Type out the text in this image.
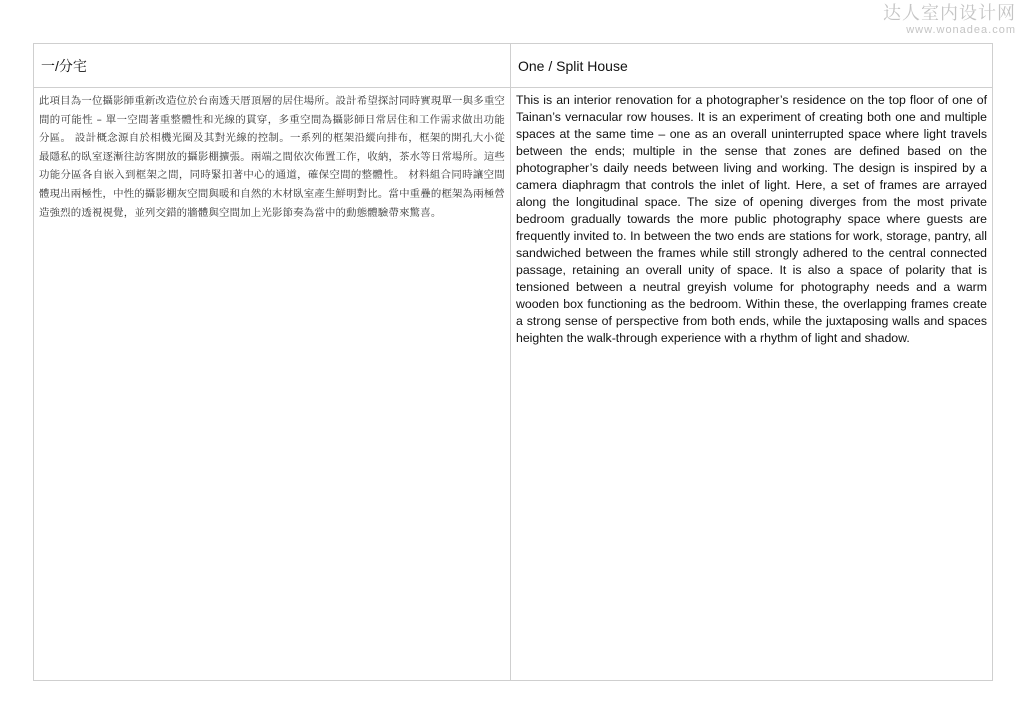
达人室内设计网
www.wonadea.com
一/分宅	One / Split House
此項目為一位攝影師重新改造位於台南透天厝頂層的居住場所。設計希望探討同時實現單一與多重空間的可能性 – 單一空間著重整體性和光線的貫穿，多重空間為攝影師日常居住和工作需求做出功能分區。 設計概念源自於相機光圈及其對光線的控制。一系列的框架沿縱向排布，框架的開孔大小從最隱私的臥室逐漸往訪客開放的攝影棚擴張。兩端之間依次佈置工作，收納，茶水等日常場所。這些功能分區各自嵌入到框架之間，同時緊扣著中心的通道，確保空間的整體性。 材料組合同時讓空間體現出兩極性，中性的攝影棚灰空間與暖和自然的木材臥室產生鮮明對比。當中重疊的框架為兩極營造強烈的透視視覺，並列交錯的牆體與空間加上光影節奏為當中的動態體驗帶來驚喜。
This is an interior renovation for a photographer’s residence on the top floor of one of Tainan’s vernacular row houses. It is an experiment of creating both one and multiple spaces at the same time – one as an overall uninterrupted space where light travels between the ends; multiple in the sense that zones are defined based on the photographer’s daily needs between living and working. The design is inspired by a camera diaphragm that controls the inlet of light. Here, a set of frames are arrayed along the longitudinal space. The size of opening diverges from the most private bedroom gradually towards the more public photography space where guests are frequently invited to. In between the two ends are stations for work, storage, pantry, all sandwiched between the frames while still strongly adhered to the central connected passage, retaining an overall unity of space. It is also a space of polarity that is tensioned between a neutral greyish volume for photography needs and a warm wooden box functioning as the bedroom. Within these, the overlapping frames create a strong sense of perspective from both ends, while the juxtaposing walls and spaces heighten the walk-through experience with a rhythm of light and shadow.
